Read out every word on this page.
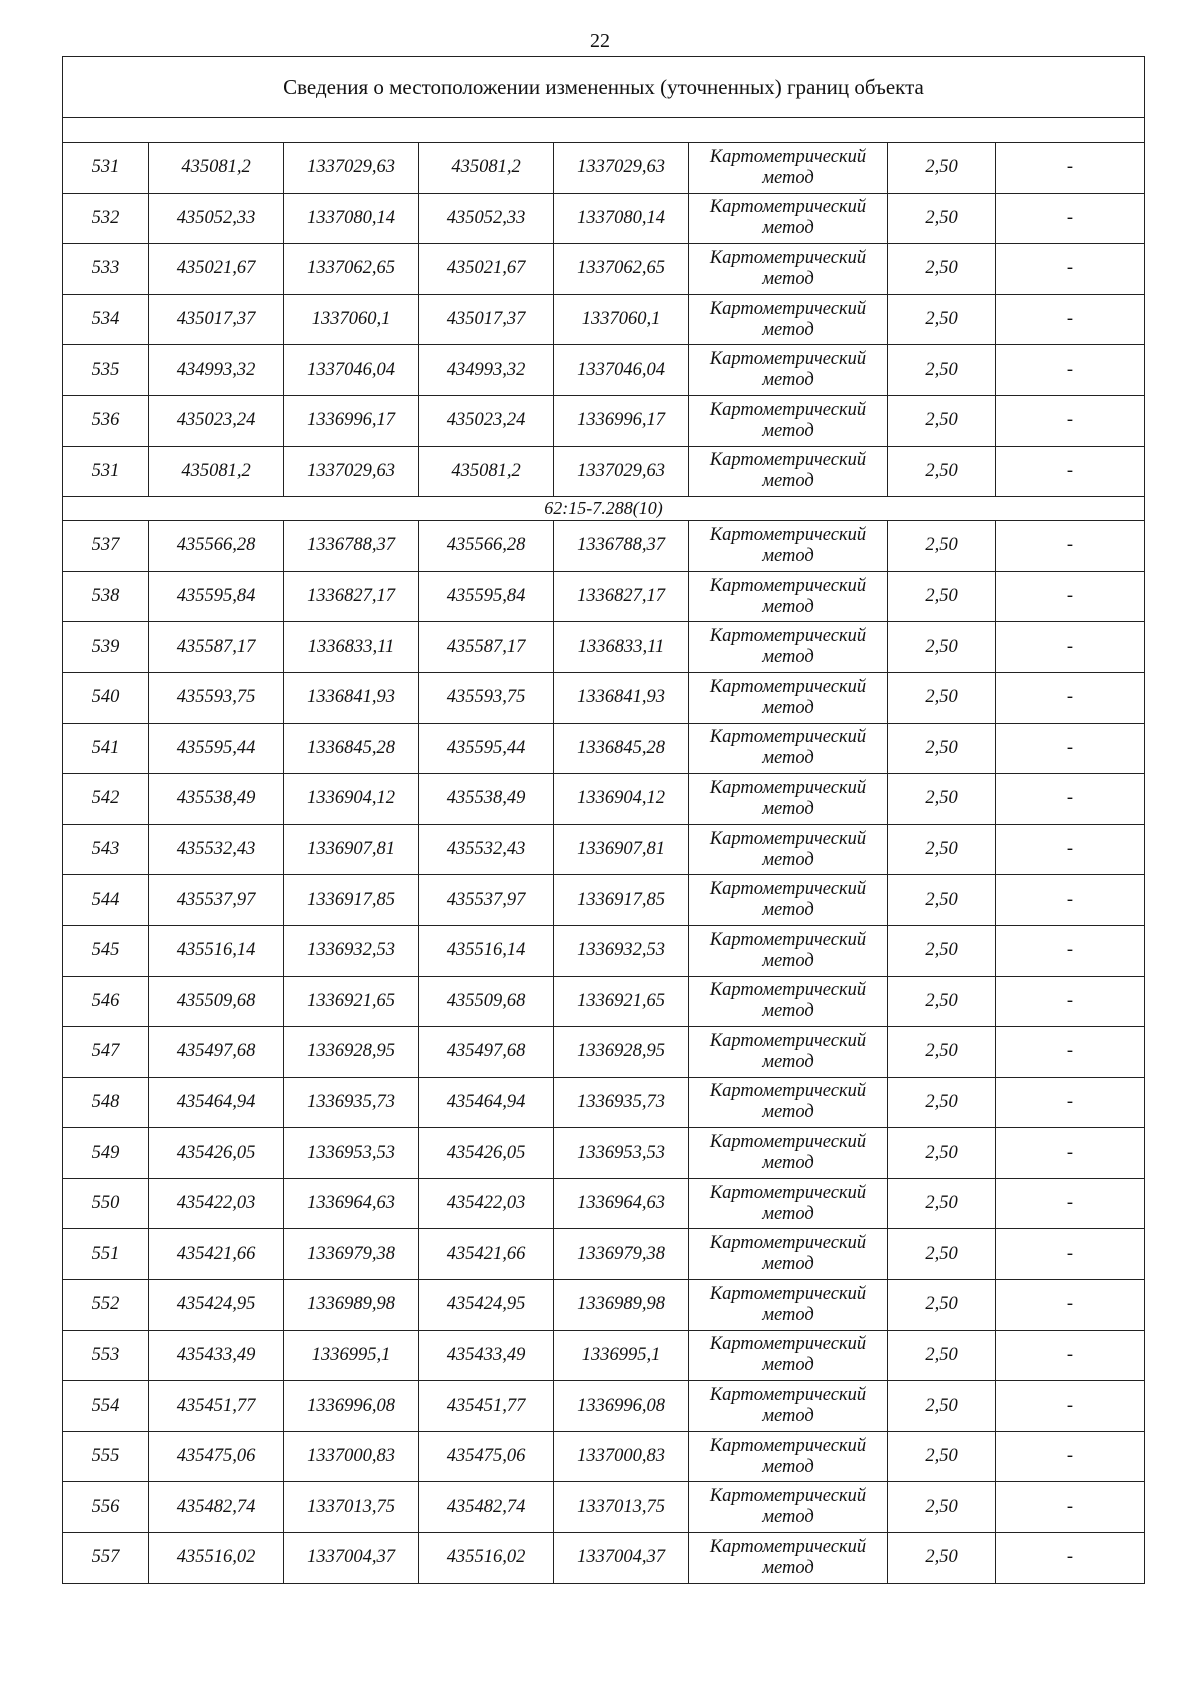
22
Сведения о местоположении измененных (уточненных) границ объекта							

531	435081,2	1337029,63	435081,2	1337029,63	Картометрический метод	2,50	-
532	435052,33	1337080,14	435052,33	1337080,14	Картометрический метод	2,50	-
533	435021,67	1337062,65	435021,67	1337062,65	Картометрический метод	2,50	-
534	435017,37	1337060,1	435017,37	1337060,1	Картометрический метод	2,50	-
535	434993,32	1337046,04	434993,32	1337046,04	Картометрический метод	2,50	-
536	435023,24	1336996,17	435023,24	1336996,17	Картометрический метод	2,50	-
531	435081,2	1337029,63	435081,2	1337029,63	Картометрический метод	2,50	-
62:15-7.288(10)							
537	435566,28	1336788,37	435566,28	1336788,37	Картометрический метод	2,50	-
538	435595,84	1336827,17	435595,84	1336827,17	Картометрический метод	2,50	-
539	435587,17	1336833,11	435587,17	1336833,11	Картометрический метод	2,50	-
540	435593,75	1336841,93	435593,75	1336841,93	Картометрический метод	2,50	-
541	435595,44	1336845,28	435595,44	1336845,28	Картометрический метод	2,50	-
542	435538,49	1336904,12	435538,49	1336904,12	Картометрический метод	2,50	-
543	435532,43	1336907,81	435532,43	1336907,81	Картометрический метод	2,50	-
544	435537,97	1336917,85	435537,97	1336917,85	Картометрический метод	2,50	-
545	435516,14	1336932,53	435516,14	1336932,53	Картометрический метод	2,50	-
546	435509,68	1336921,65	435509,68	1336921,65	Картометрический метод	2,50	-
547	435497,68	1336928,95	435497,68	1336928,95	Картометрический метод	2,50	-
548	435464,94	1336935,73	435464,94	1336935,73	Картометрический метод	2,50	-
549	435426,05	1336953,53	435426,05	1336953,53	Картометрический метод	2,50	-
550	435422,03	1336964,63	435422,03	1336964,63	Картометрический метод	2,50	-
551	435421,66	1336979,38	435421,66	1336979,38	Картометрический метод	2,50	-
552	435424,95	1336989,98	435424,95	1336989,98	Картометрический метод	2,50	-
553	435433,49	1336995,1	435433,49	1336995,1	Картометрический метод	2,50	-
554	435451,77	1336996,08	435451,77	1336996,08	Картометрический метод	2,50	-
555	435475,06	1337000,83	435475,06	1337000,83	Картометрический метод	2,50	-
556	435482,74	1337013,75	435482,74	1337013,75	Картометрический метод	2,50	-
557	435516,02	1337004,37	435516,02	1337004,37	Картометрический метод	2,50	-
